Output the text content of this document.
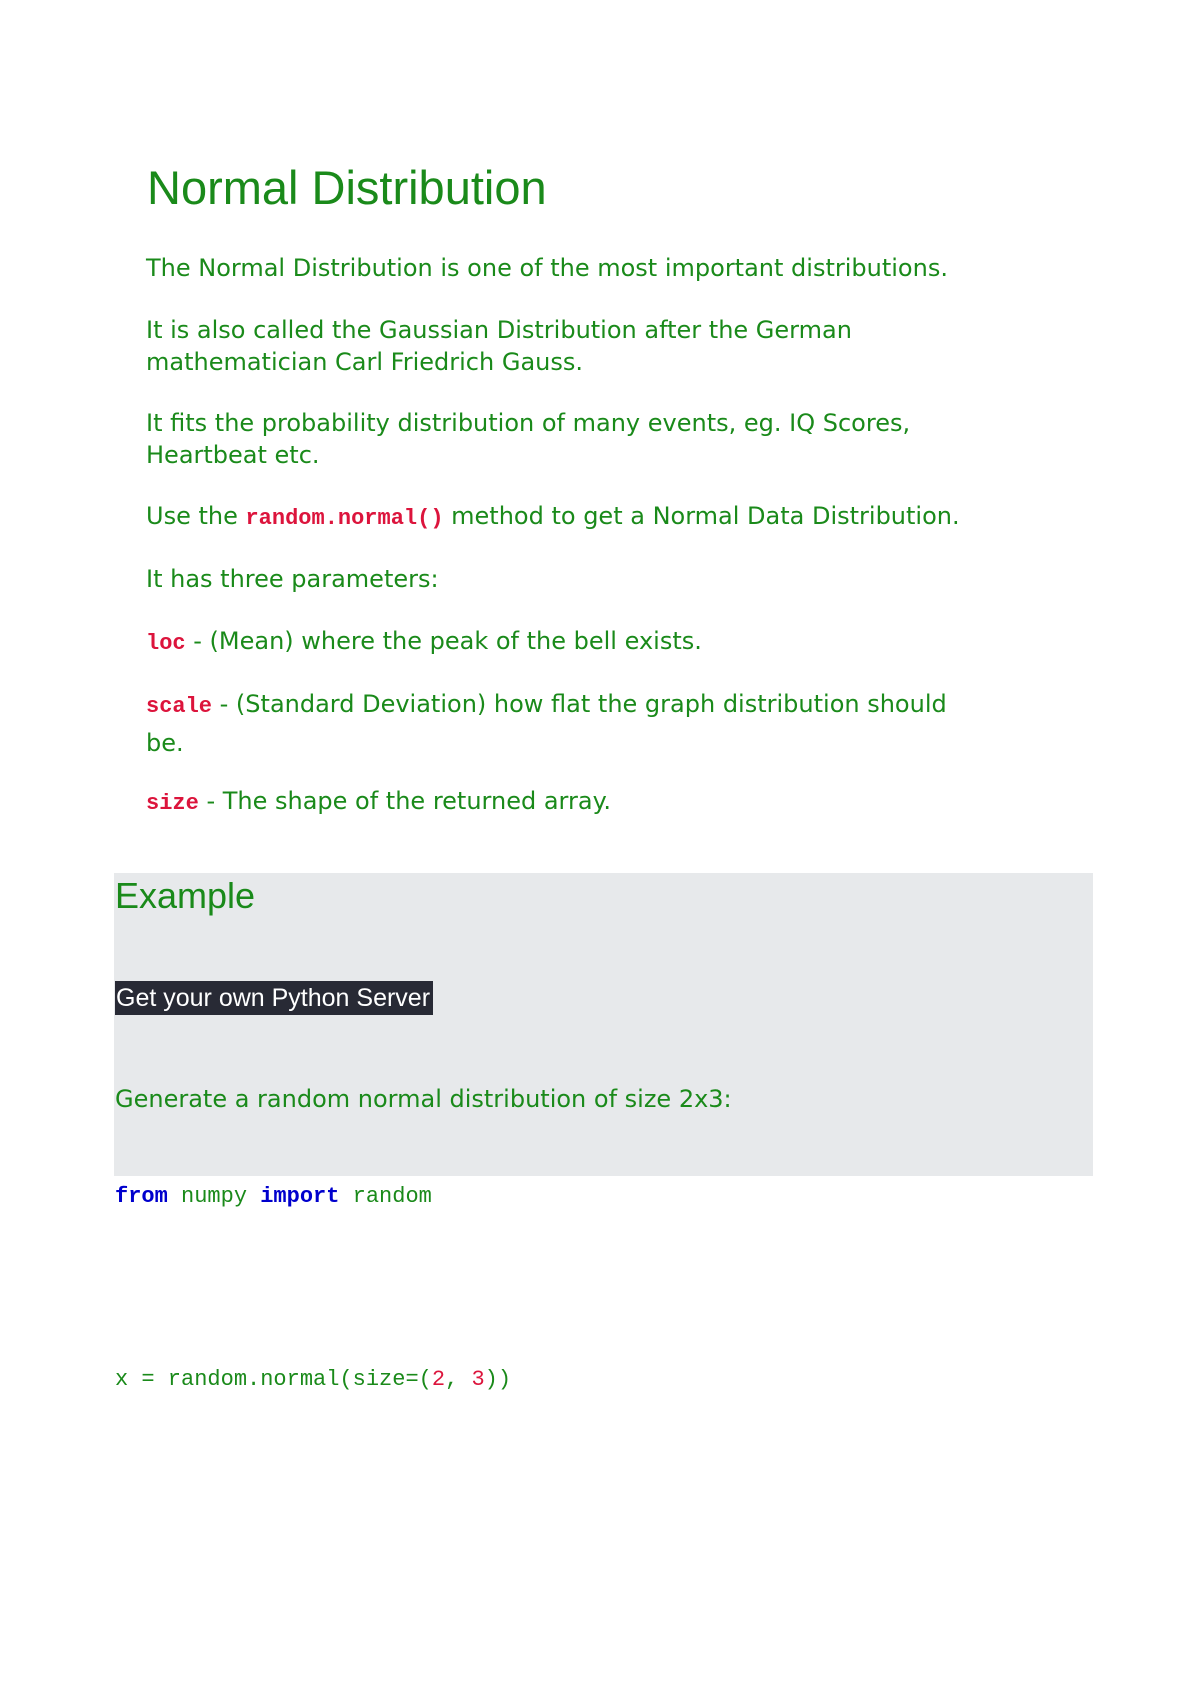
Normal Distribution

The Normal Distribution is one of the most important distributions.

It is also called the Gaussian Distribution after the German
mathematician Carl Friedrich Gauss.

It fits the probability distribution of many events, eg. IQ Scores,
Heartbeat etc.

Use the random.normal() method to get a Normal Data Distribution.

It has three parameters:

loc - (Mean) where the peak of the bell exists.

scale - (Standard Deviation) how flat the graph distribution should
be.

size - The shape of the returned array.

Example
Get your own Python Server

Generate a random normal distribution of size 2x3:

from numpy import random
x = random.normal(size=(2, 3))
